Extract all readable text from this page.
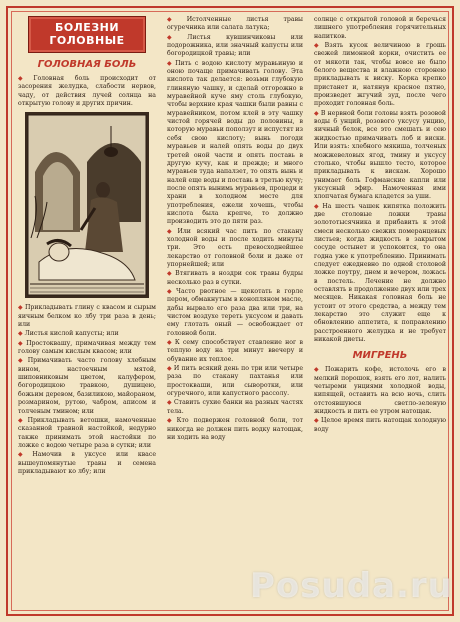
БОЛЕЗНИ
ГОЛОВНЫЕ
ГОЛОВНАЯ БОЛЬ

◆ Головная боль происходит от засорения желудка, слабости нервов, чаду, от действия лучей солнца на открытую голову и других причин.

◆ Прикладывать глину с квасом и сырым яичным белком ко лбу три раза в день; или

◆ Листья кислой капусты; или

◆ Простоквашу, примачивая между тем голову самым кислым квасом; или

◆ Примачивать часто голову хлебным вином, настоечным мятой, шиповниковым цветом, калуфером, богородицкою травкою, душицею, божьим деревом, базиликою, майораном, розмарином, рутою, чабром, аписом и толченым тмином; или

◆ Прикладывать ветошки, намоченные сказанной травной настойкой, недурно также принимать этой настойки по ложке с водою четыре раза в сутки; или

◆ Намочив в уксусе или квасе вышеупомянутые травы и семена прикладывают ко лбу; или

◆ Истолченные листья травы огуречника или салата латука;

◆ Листья кувшинчиковы или подорожника, или значный капусты или богородицкой травы; или

◆ Пить с водою кислоту муравьиную и оною почаще примачивать голову. Эта кислота так делается: возьми глубокую глиняную чашку, и сделай отгорожно в муравейной куче яму столь глубокую, чтобы верхние края чашки были равны с муравейником, потом клей в эту чашку чистой горячей воды до половины, в которую муравьи поползут и испустят из себя свою кислоту; вынь погоди муравьев и налей опять воды до двух третей оной части и опять поставь в другую кучу, как и прежде; и много муравьев туда напалзет, то опять вынь и налей еще воды и поставь в третью кучу; после опять вынимь муравьев, процеди и храни в холодном месте для употребления, ежели хочешь, чтобы кислота была крепче, то должно производить это до пяти раз.

◆ Или всякий час пить по стакану холодной воды и после ходить минуты три. Это есть превосходнейшее лекарство от головной боли и даже от упорнейшей; или

◆ Втягивать в ноздри сок травы будры несколько раз в сутки.

◆ Часто рвотное — щекотать в горле пером, обмакнутым в конопляном масле, дабы вырвало его раза два или три, на чистом воздухе тереть уксусом и давать ему глотать оный — освобождает от головной боли.

◆ К сему способствует ставление ног в теплую воду на три минут ввечеру и обувание их теплое.

◆ И пить всякий день по три или четыре раза по стакану пахтанья или простокваши, или сыворотки, или огуречного, или капустного рассолу.

◆ Ставить сухие банки на разных частях тела.

◆ Кто подвержен головной боли, тот никогда не должен пить водку натощак, ни ходить на воду

солнце с открытой головой и беречься лишнего употребления горячительных напитков.

◆ Взять кусок величиною в грошь свежей лимонной корки, очистить ее от мякоти так, чтобы вовсе не было белого вещества и влажною сторонею прикладывать к виску. Корка крепко пристанет и, натянув красное пятно, произведет жгучий зуд, после чего проходит головная боль.

◆ В нервной боли головы взять розовой воды 6 унций, розового уксусу унцию, яичный белок, все это смешать и сею жидкостью примачивать лоб и виски. Или взять: хлебного мякиша, толченых можжевеловых ягод, тмину и уксусу столько, чтобы вышло тесто, которое прикладывать к вискам. Хорошо унимает боль Гофманские капли или уксусный эфир. Намоченная ими хлопчатая бумага кладется за уши.

◆ На шесть чашек кипятка положить две столовые ложки травы золототысячника и прибавить к этой смеси несколько свежих померанцевых листьев; когда жидкость в закрытом сосуде остынет и успокоится, то она годна уже к употреблению. Принимать следует ежедневно по одной столовой ложке поутру, днем и вечером, ложась в постель. Лечение не должно оставлять в продолжение двух или трех месяцев. Никакая головная боль не устоит от этого средства, а между тем лекарство это служит еще к обновлению аппетита, к поправлению расстроенного желудка и не требует никакой диеты.

МИГРЕНЬ

◆ Пожарить кофе, истолочь его в мелкий порошок, взять его лот, налить четыреми унциями холодной воды, кипящей, оставить на всю ночь, слить отстоявшуюся светло-зеленую жидкость и пить ее утром натощак.

◆ Целое время пить натощак холодную воду

Posuda.ru
